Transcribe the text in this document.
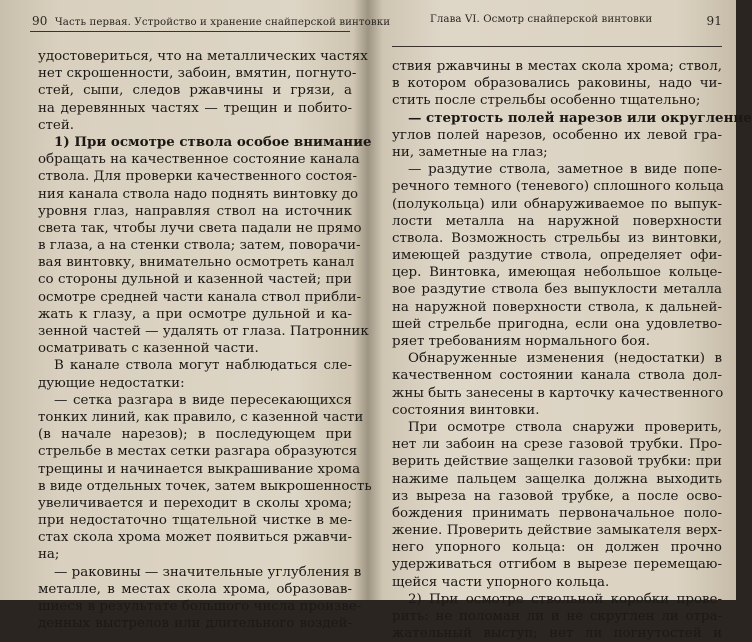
90 Часть первая. Устройство и хранение снайперской винтовки
удостовериться, что на металлических частях
нет скрошенности, забоин, вмятин, погнуто-
стей, сыпи, следов ржавчины и грязи, а
на деревянных частях — трещин и побито-
стей.
1) При осмотре ствола особое внимание
обращать на качественное состояние канала
ствола. Для проверки качественного состоя-
ния канала ствола надо поднять винтовку до
уровня глаз, направляя ствол на источник
света так, чтобы лучи света падали не прямо
в глаза, а на стенки ствола; затем, поворачи-
вая винтовку, внимательно осмотреть канал
со стороны дульной и казенной частей; при
осмотре средней части канала ствол прибли-
жать к глазу, а при осмотре дульной и ка-
зенной частей — удалять от глаза. Патронник
осматривать с казенной части.
В канале ствола могут наблюдаться сле-
дующие недостатки:
— сетка разгара в виде пересекающихся
тонких линий, как правило, с казенной части
(в начале нарезов); в последующем при
стрельбе в местах сетки разгара образуются
трещины и начинается выкрашивание хрома
в виде отдельных точек, затем выкрошенность
увеличивается и переходит в сколы хрома;
при недостаточно тщательной чистке в ме-
стах скола хрома может появиться ржавчи-
на;
— раковины — значительные углубления в
металле, в местах скола хрома, образовав-
шиеся в результате большого числа произве-
денных выстрелов или длительного воздей-
Глава VI. Осмотр снайперской винтовки	91
ствия ржавчины в местах скола хрома; ствол,
в котором образовались раковины, надо чи-
стить после стрельбы особенно тщательно;
— стертость полей нарезов или округление
углов полей нарезов, особенно их левой гра-
ни, заметные на глаз;
— раздутие ствола, заметное в виде попе-
речного темного (теневого) сплошного кольца
(полукольца) или обнаруживаемое по выпук-
лости металла на наружной поверхности
ствола. Возможность стрельбы из винтовки,
имеющей раздутие ствола, определяет офи-
цер. Винтовка, имеющая небольшое кольце-
вое раздутие ствола без выпуклости металла
на наружной поверхности ствола, к дальней-
шей стрельбе пригодна, если она удовлетво-
ряет требованиям нормального боя.
Обнаруженные изменения (недостатки) в
качественном состоянии канала ствола дол-
жны быть занесены в карточку качественного
состояния винтовки.
При осмотре ствола снаружи проверить,
нет ли забоин на срезе газовой трубки. Про-
верить действие защелки газовой трубки: при
нажиме пальцем защелка должна выходить
из выреза на газовой трубке, а после осво-
бождения принимать первоначальное поло-
жение. Проверить действие замыкателя верх-
него упорного кольца: он должен прочно
удерживаться отгибом в вырезе перемещаю-
щейся части упорного кольца.
2) При осмотре ствольной коробки прове-
рить: не поломан ли и не скруглен ли отра-
жательный выступ; нет ли погнутостей и
